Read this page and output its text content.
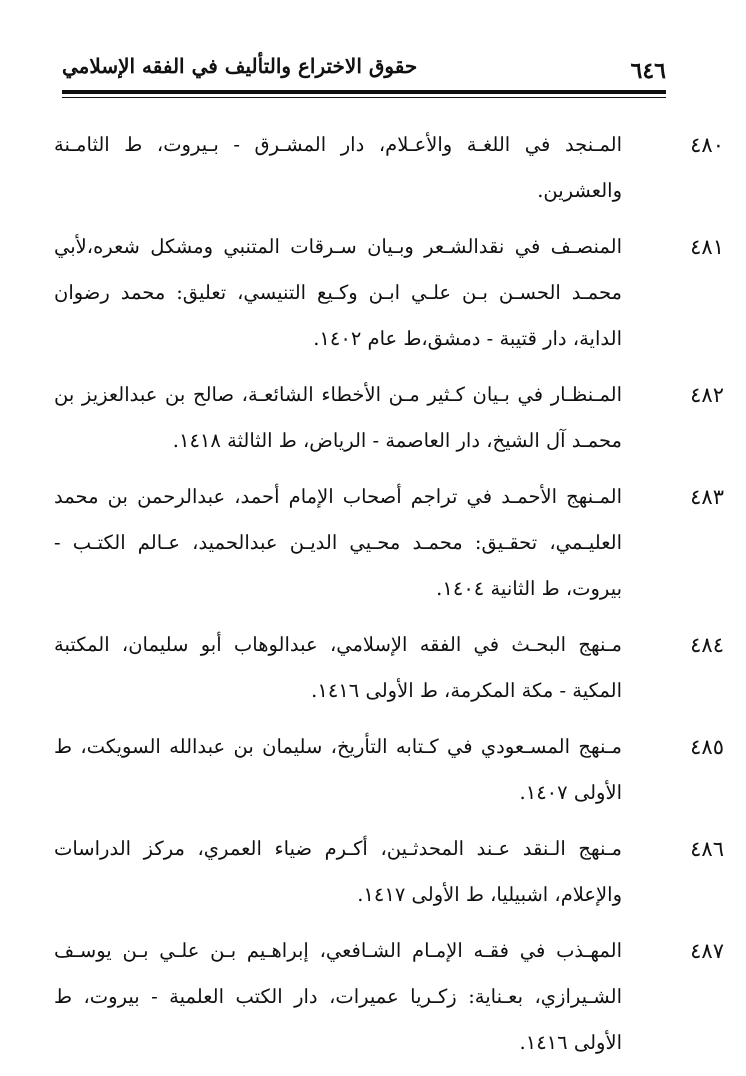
٦٤٦
حقوق الاختراع والتأليف في الفقه الإسلامي
٤٨٠
المـنجد في اللغـة والأعـلام، دار المشـرق - بـيروت، ط الثامـنة والعشرين.
٤٨١
المنصـف في نقدالشـعر وبـيان سـرقات المتنبي ومشكل شعره،لأبي محمـد الحسـن بـن علـي ابـن وكـيع التنيسي، تعليق: محمد رضوان الداية، دار قتيبة - دمشق،ط عام ١٤٠٢.
٤٨٢
المـنظـار في بـيان كـثير مـن الأخطاء الشائعـة، صالح بن عبدالعزيز بن محمـد آل الشيخ، دار العاصمة - الرياض، ط الثالثة ١٤١٨.
٤٨٣
المـنهج الأحمـد في تراجم أصحاب الإمام أحمد، عبدالرحمن بن محمد العليـمي، تحقـيق: محمـد محـيي الديـن عبدالحميد، عـالم الكتـب - بيروت، ط الثانية ١٤٠٤.
٤٨٤
مـنهج البحـث في الفقه الإسلامي، عبدالوهاب أبو سليمان، المكتبة المكية - مكة المكرمة، ط الأولى ١٤١٦.
٤٨٥
مـنهج المسـعودي في كـتابه التأريخ، سليمان بن عبدالله السويكت، ط الأولى ١٤٠٧.
٤٨٦
مـنهج الـنقد عـند المحدثـين، أكـرم ضياء العمري، مركز الدراسات والإعلام، اشبيليا، ط الأولى ١٤١٧.
٤٨٧
المهـذب في فقـه الإمـام الشـافعي، إبراهـيم بـن علـي بـن يوسـف الشـيرازي، بعـناية: زكـريا عميرات، دار الكتب العلمية - بيروت، ط الأولى ١٤١٦.
